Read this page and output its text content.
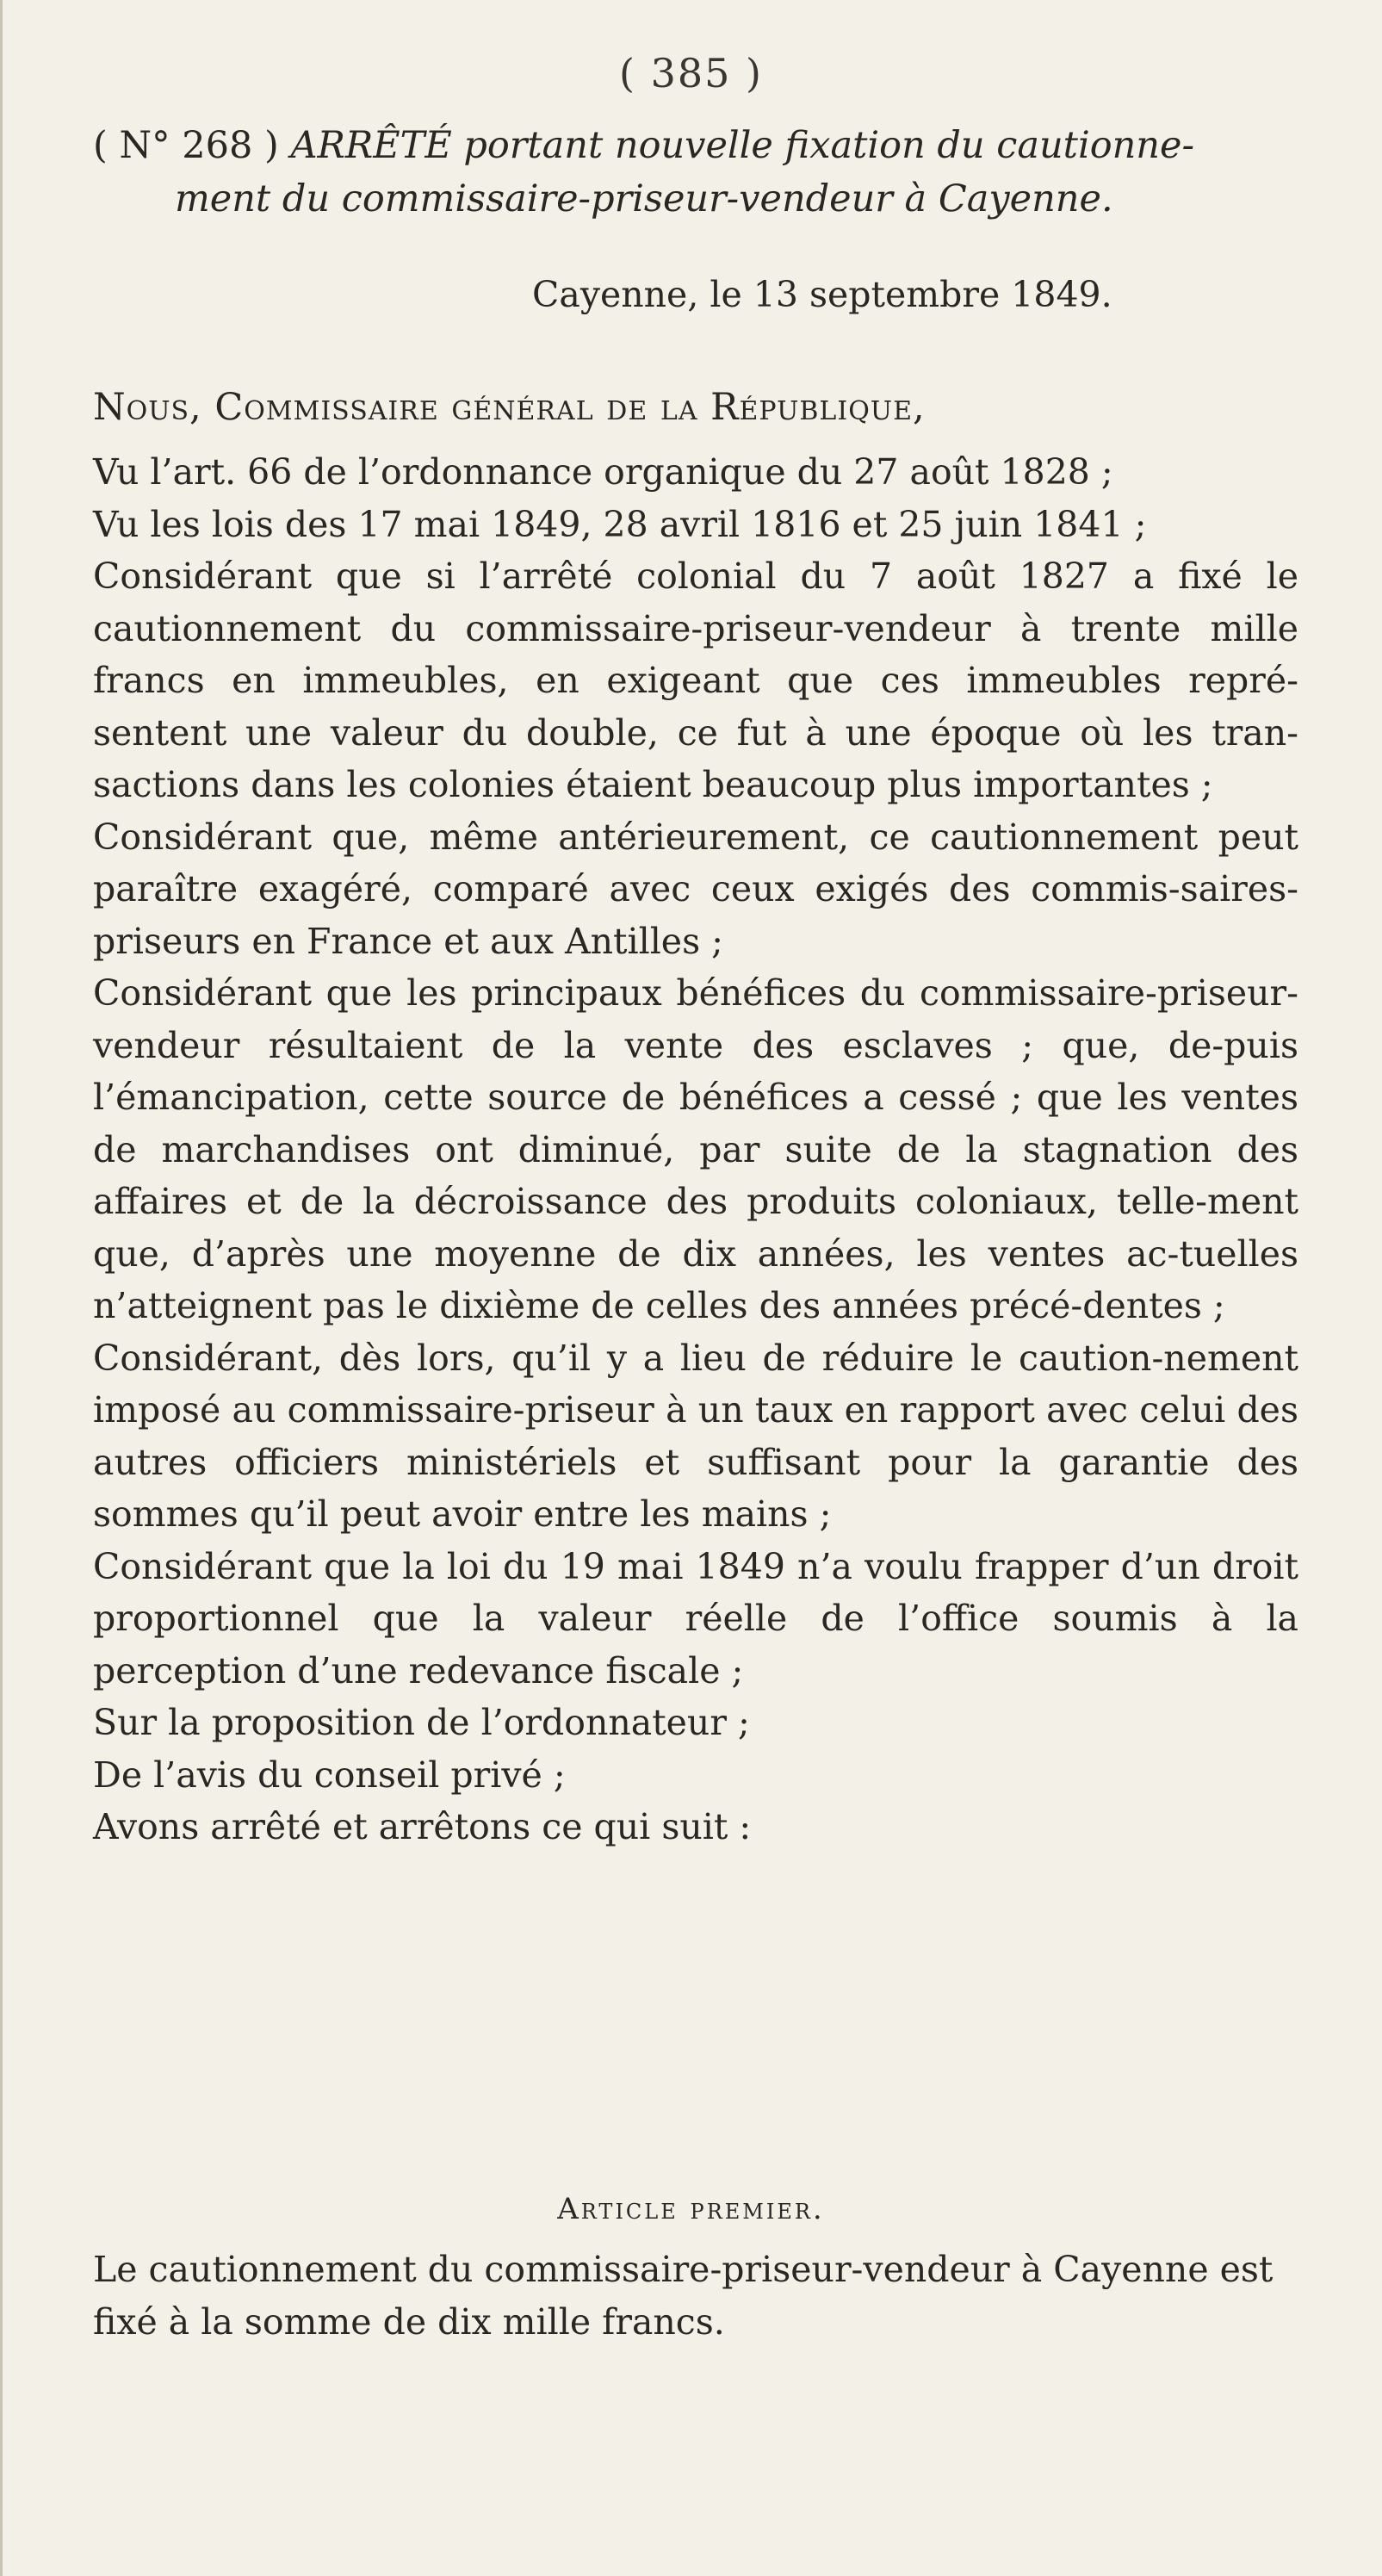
( 385 )
( N° 268 ) ARRÊTÉ portant nouvelle fixation du cautionne-
ment du commissaire-priseur-vendeur à Cayenne.
Cayenne, le 13 septembre 1849.
Nous, Commissaire général de la République,

Vu l’art. 66 de l’ordonnance organique du 27 août 1828 ;

Vu les lois des 17 mai 1849, 28 avril 1816 et 25 juin 1841 ;

Considérant que si l’arrêté colonial du 7 août 1827 a fixé le cautionnement du commissaire-priseur-vendeur à trente mille francs en immeubles, en exigeant que ces immeubles repré-sentent une valeur du double, ce fut à une époque où les tran-sactions dans les colonies étaient beaucoup plus importantes ;

Considérant que, même antérieurement, ce cautionnement peut paraître exagéré, comparé avec ceux exigés des commis-saires-priseurs en France et aux Antilles ;

Considérant que les principaux bénéfices du commissaire-priseur-vendeur résultaient de la vente des esclaves ; que, de-puis l’émancipation, cette source de bénéfices a cessé ; que les ventes de marchandises ont diminué, par suite de la stagnation des affaires et de la décroissance des produits coloniaux, telle-ment que, d’après une moyenne de dix années, les ventes ac-tuelles n’atteignent pas le dixième de celles des années précé-dentes ;

Considérant, dès lors, qu’il y a lieu de réduire le caution-nement imposé au commissaire-priseur à un taux en rapport avec celui des autres officiers ministériels et suffisant pour la garantie des sommes qu’il peut avoir entre les mains ;

Considérant que la loi du 19 mai 1849 n’a voulu frapper d’un droit proportionnel que la valeur réelle de l’office soumis à la perception d’une redevance fiscale ;

Sur la proposition de l’ordonnateur ;

De l’avis du conseil privé ;

Avons arrêté et arrêtons ce qui suit :

Article premier.
Le cautionnement du commissaire-priseur-vendeur à Cayenne est fixé à la somme de dix mille francs.
